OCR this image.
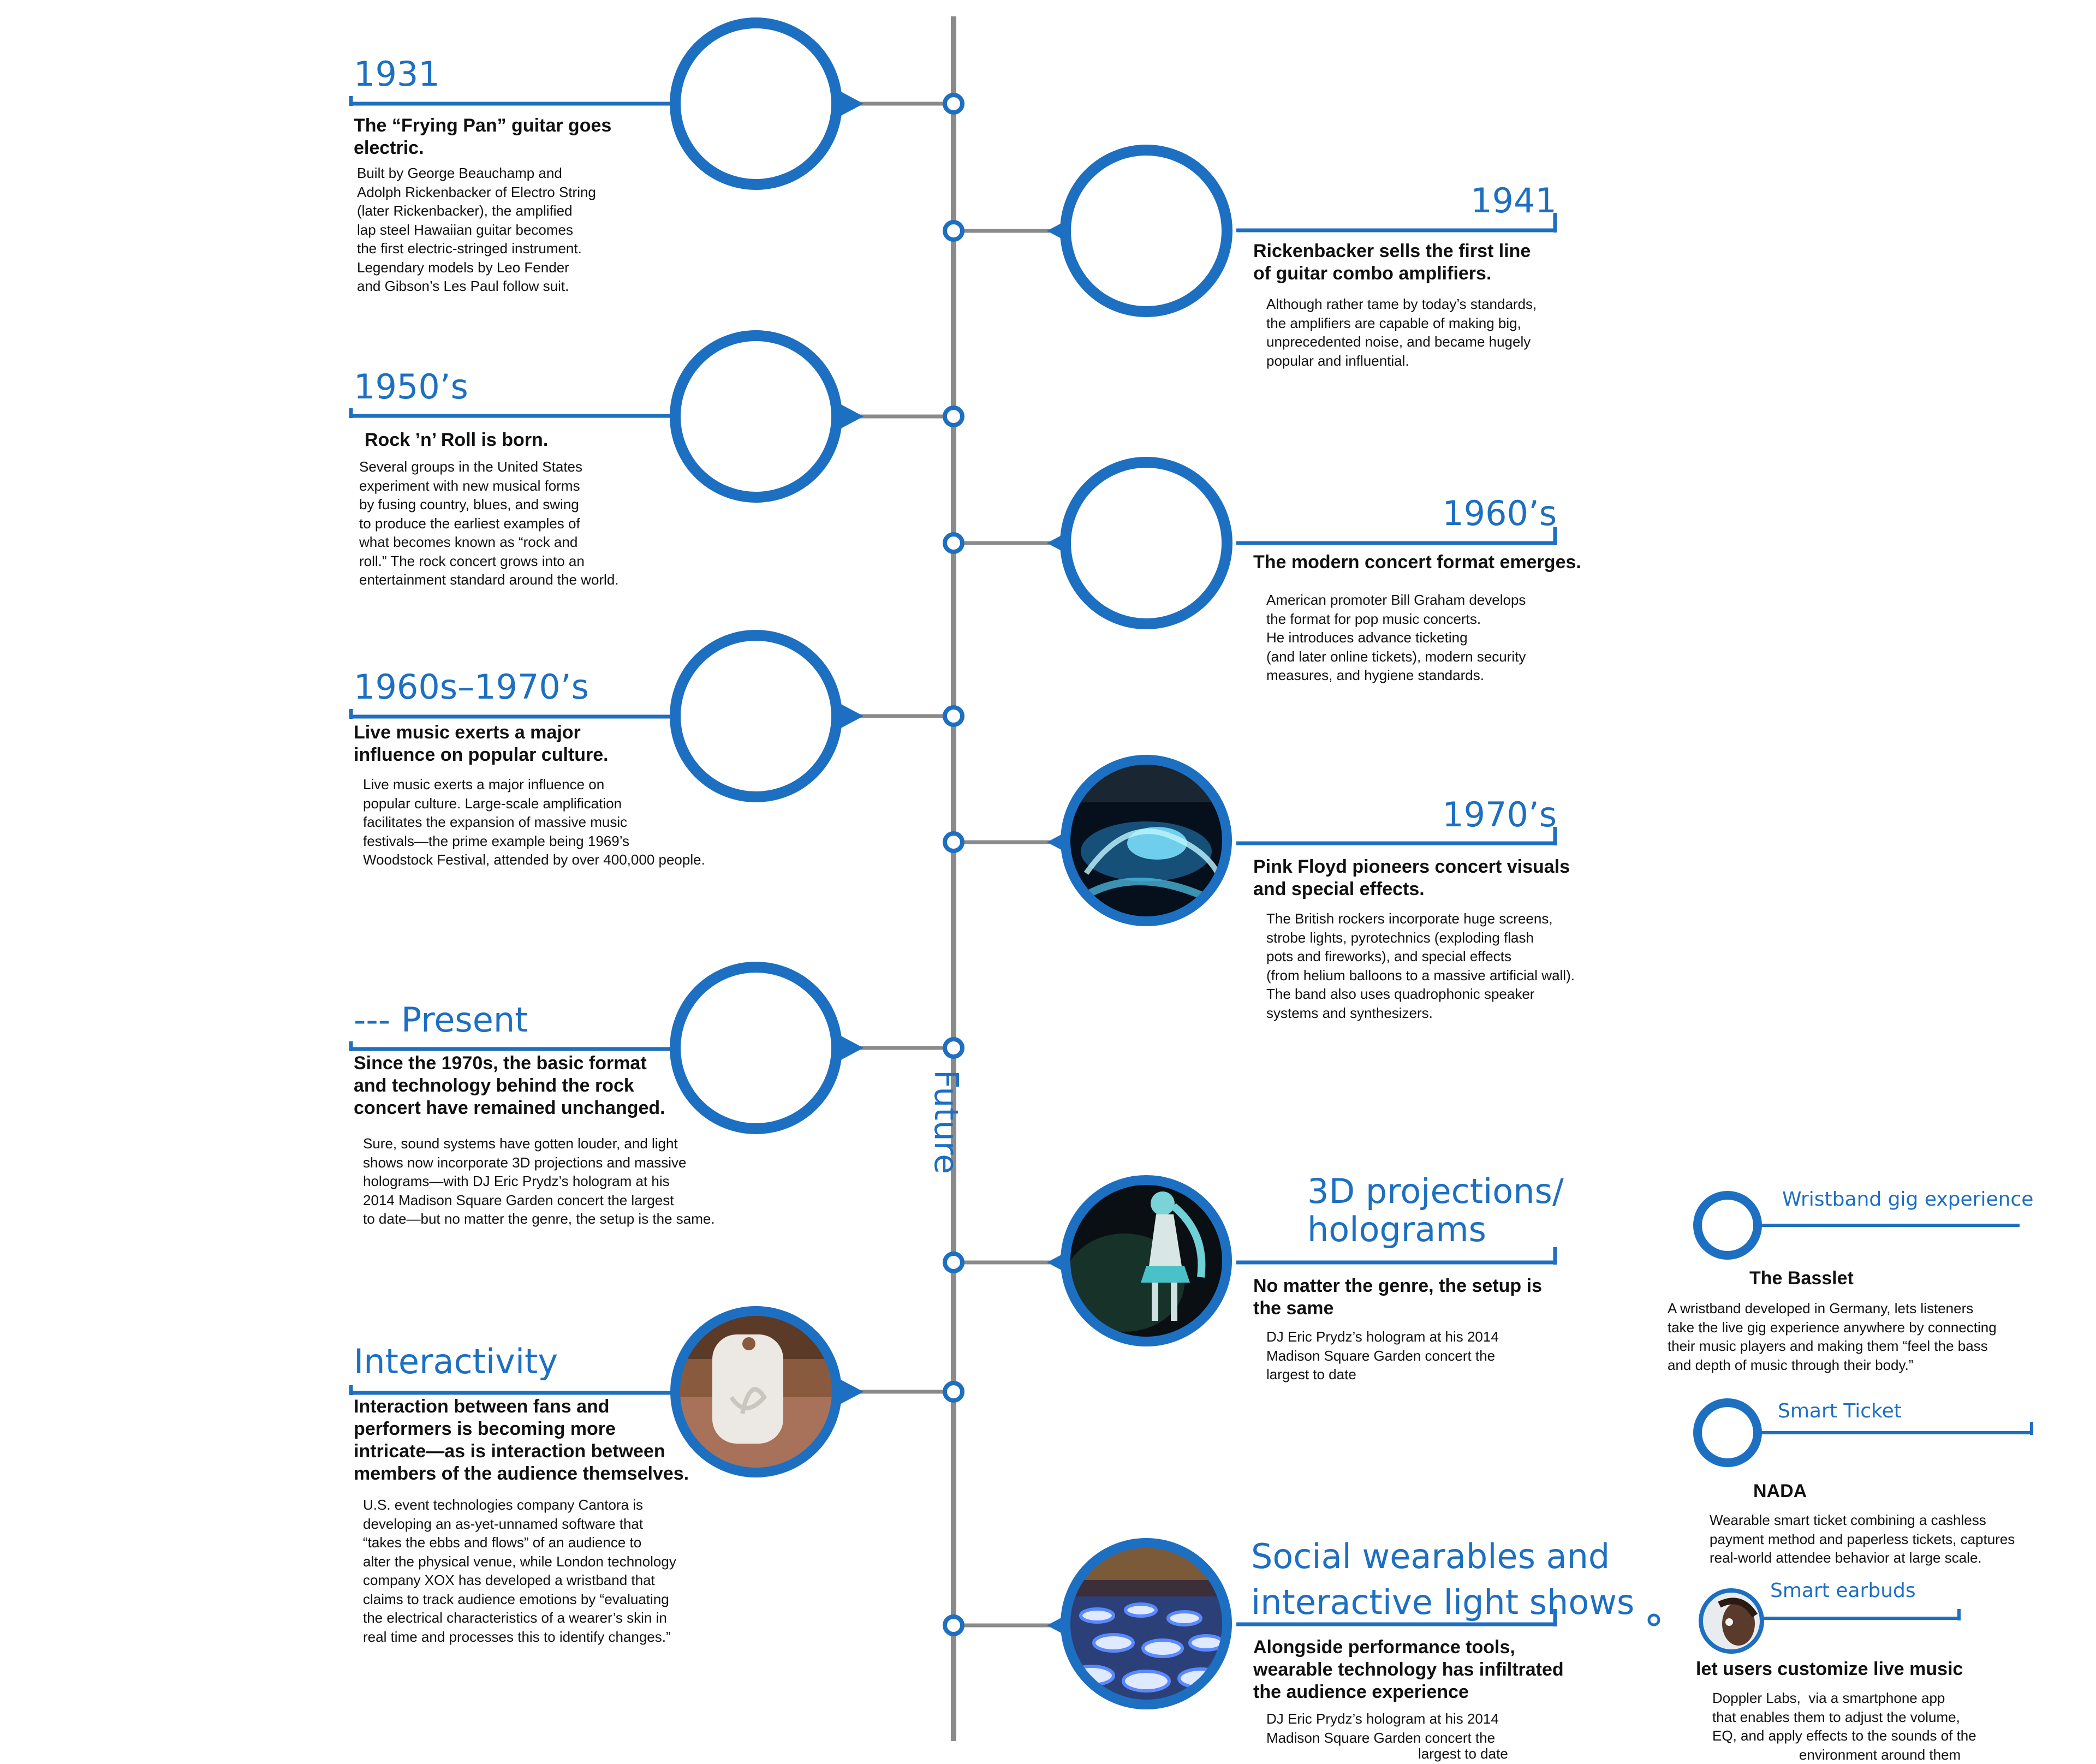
Future
1931
The “Frying Pan” guitar goes
electric.
Built by George Beauchamp and
Adolph Rickenbacker of Electro String
(later Rickenbacker), the amplified
lap steel Hawaiian guitar becomes
the first electric-stringed instrument.
Legendary models by Leo Fender
and Gibson’s Les Paul follow suit.
1950’s
Rock ’n’ Roll is born.
Several groups in the United States
experiment with new musical forms
by fusing country, blues, and swing
to produce the earliest examples of
what becomes known as “rock and
roll.” The rock concert grows into an
entertainment standard around the world.
1960s–1970’s
Live music exerts a major
influence on popular culture.
Live music exerts a major influence on
popular culture. Large-scale amplification
facilitates the expansion of massive music
festivals—the prime example being 1969’s
Woodstock Festival, attended by over 400,000 people.
--- Present
Since the 1970s, the basic format
and technology behind the rock
concert have remained unchanged.
Sure, sound systems have gotten louder, and light
shows now incorporate 3D projections and massive
holograms—with DJ Eric Prydz’s hologram at his
2014 Madison Square Garden concert the largest
to date—but no matter the genre, the setup is the same.
Interactivity
Interaction between fans and
performers is becoming more
intricate—as is interaction between
members of the audience themselves.
U.S. event technologies company Cantora is
developing an as-yet-unnamed software that
“takes the ebbs and flows” of an audience to
alter the physical venue, while London technology
company XOX has developed a wristband that
claims to track audience emotions by “evaluating
the electrical characteristics of a wearer’s skin in
real time and processes this to identify changes.”
1941
Rickenbacker sells the first line
of guitar combo amplifiers.
Although rather tame by today’s standards,
the amplifiers are capable of making big,
unprecedented noise, and became hugely
popular and influential.
1960’s
The modern concert format emerges.
American promoter Bill Graham develops
the format for pop music concerts.
He introduces advance ticketing
(and later online tickets), modern security
measures, and hygiene standards.
1970’s
Pink Floyd pioneers concert visuals
and special effects.
The British rockers incorporate huge screens,
strobe lights, pyrotechnics (exploding flash
pots and fireworks), and special effects
(from helium balloons to a massive artificial wall).
The band also uses quadrophonic speaker
systems and synthesizers.
3D projections/
holograms
No matter the genre, the setup is
the same
DJ Eric Prydz’s hologram at his 2014
Madison Square Garden concert the
largest to date
Social wearables and
interactive light shows
Alongside performance tools,
wearable technology has infiltrated
the audience experience
DJ Eric Prydz’s hologram at his 2014
Madison Square Garden concert the
largest to date
Wristband gig experience
The Basslet
A wristband developed in Germany, lets listeners
take the live gig experience anywhere by connecting
their music players and making them “feel the bass
and depth of music through their body.”
Smart Ticket
NADA
Wearable smart ticket combining a cashless
payment method and paperless tickets, captures
real-world attendee behavior at large scale.
Smart earbuds
let users customize live music
Doppler Labs,  via a smartphone app
that enables them to adjust the volume,
EQ, and apply effects to the sounds of the
environment around them
